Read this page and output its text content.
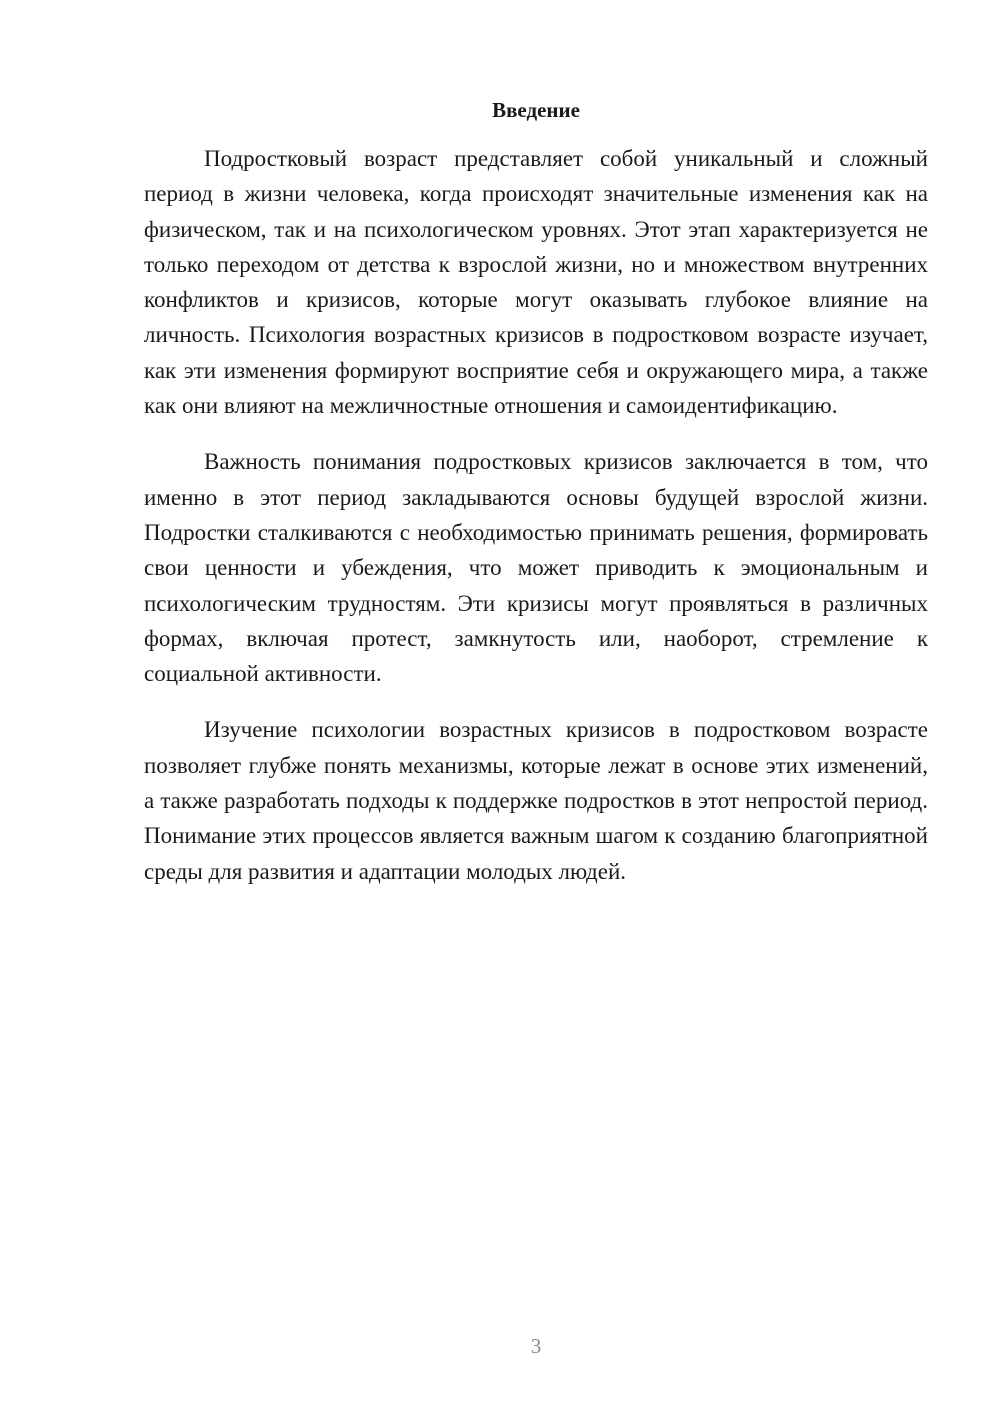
Введение

Подростковый возраст представляет собой уникальный и сложный период в жизни человека, когда происходят значительные изменения как на физическом, так и на психологическом уровнях. Этот этап характеризуется не только переходом от детства к взрослой жизни, но и множеством внутренних конфликтов и кризисов, которые могут оказывать глубокое влияние на личность. Психология возрастных кризисов в подростковом возрасте изучает, как эти изменения формируют восприятие себя и окружающего мира, а также как они влияют на межличностные отношения и самоидентификацию.

Важность понимания подростковых кризисов заключается в том, что именно в этот период закладываются основы будущей взрослой жизни. Подростки сталкиваются с необходимостью принимать решения, формировать свои ценности и убеждения, что может приводить к эмоциональным и психологическим трудностям. Эти кризисы могут проявляться в различных формах, включая протест, замкнутость или, наоборот, стремление к социальной активности.

Изучение психологии возрастных кризисов в подростковом возрасте позволяет глубже понять механизмы, которые лежат в основе этих изменений, а также разработать подходы к поддержке подростков в этот непростой период. Понимание этих процессов является важным шагом к созданию благоприятной среды для развития и адаптации молодых людей.

3
